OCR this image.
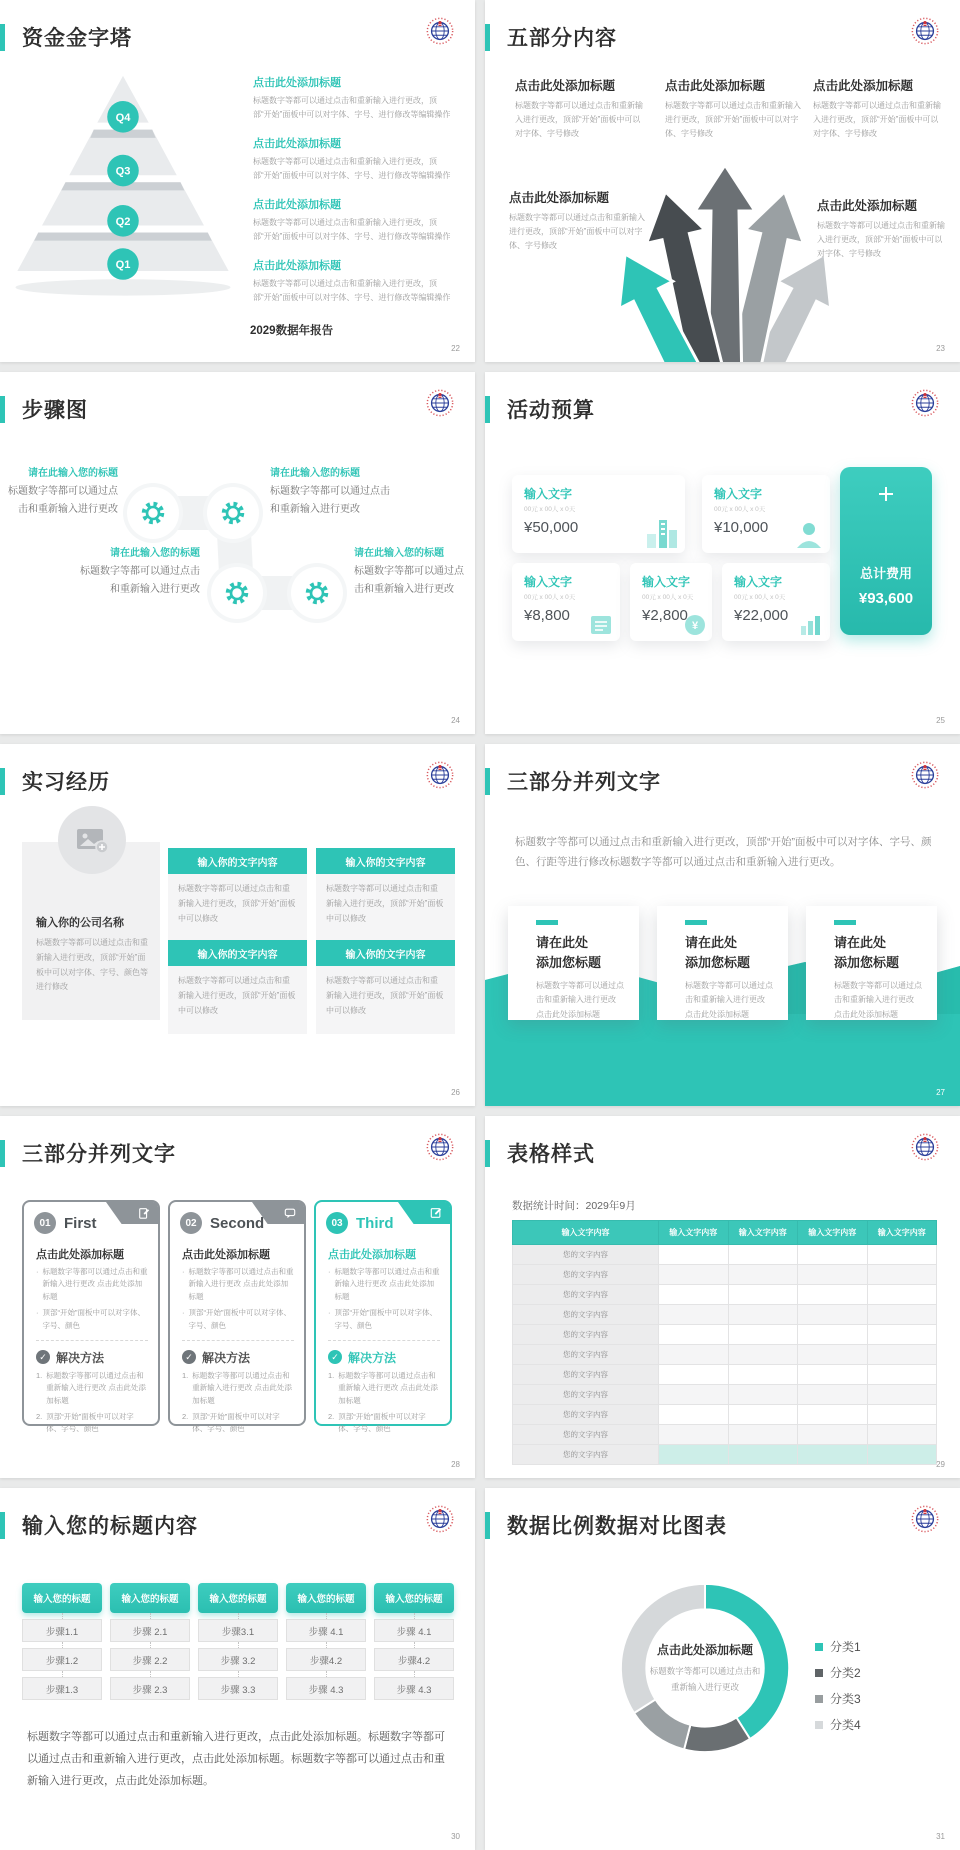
资金金字塔
Q4
Q3
Q2
Q1
点击此处添加标题
标题数字等都可以通过点击和重新输入进行更改，顶部“开始”面板中可以对字体、字号、进行修改等编辑操作
点击此处添加标题
标题数字等都可以通过点击和重新输入进行更改，顶部“开始”面板中可以对字体、字号、进行修改等编辑操作
点击此处添加标题
标题数字等都可以通过点击和重新输入进行更改，顶部“开始”面板中可以对字体、字号、进行修改等编辑操作
点击此处添加标题
标题数字等都可以通过点击和重新输入进行更改，顶部“开始”面板中可以对字体、字号、进行修改等编辑操作
2029数据年报告
22
五部分内容
点击此处添加标题
标题数字等都可以通过点击和重新输入进行更改，顶部“开始”面板中可以对字体、字号修改
点击此处添加标题
标题数字等都可以通过点击和重新输入进行更改，顶部“开始”面板中可以对字体、字号修改
点击此处添加标题
标题数字等都可以通过点击和重新输入进行更改，顶部“开始”面板中可以对字体、字号修改
点击此处添加标题
标题数字等都可以通过点击和重新输入进行更改，顶部“开始”面板中可以对字体、字号修改
点击此处添加标题
标题数字等都可以通过点击和重新输入进行更改，顶部“开始”面板中可以对字体、字号修改
23
步骤图
请在此输入您的标题
标题数字等都可以通过点击和重新输入进行更改
请在此输入您的标题
标题数字等都可以通过点击和重新输入进行更改
请在此输入您的标题
标题数字等都可以通过点击和重新输入进行更改
请在此输入您的标题
标题数字等都可以通过点击和重新输入进行更改
24
活动预算
输入文字
00元 x 00人 x 0天
¥50,000
输入文字
00元 x 00人 x 0天
¥10,000
输入文字
00元 x 00人 x 0天
¥8,800
输入文字
00元 x 00人 x 0天
¥2,800
¥
输入文字
00元 x 00人 x 0天
¥22,000
总计费用
¥93,600
25
实习经历
输入你的公司名称
标题数字等都可以通过点击和重新输入进行更改，顶部“开始”面板中可以对字体、字号、颜色等进行修改
输入你的文字内容
标题数字等都可以通过点击和重新输入进行更改，顶部“开始”面板中可以修改
输入你的文字内容
标题数字等都可以通过点击和重新输入进行更改，顶部“开始”面板中可以修改
输入你的文字内容
标题数字等都可以通过点击和重新输入进行更改，顶部“开始”面板中可以修改
输入你的文字内容
标题数字等都可以通过点击和重新输入进行更改，顶部“开始”面板中可以修改
26
三部分并列文字
标题数字等都可以通过点击和重新输入进行更改，顶部“开始”面板中可以对字体、字号、颜色、行距等进行修改标题数字等都可以通过点击和重新输入进行更改。
请在此处
添加您标题
标题数字等都可以通过点击和重新输入进行更改 点击此处添加标题
请在此处
添加您标题
标题数字等都可以通过点击和重新输入进行更改 点击此处添加标题
请在此处
添加您标题
标题数字等都可以通过点击和重新输入进行更改 点击此处添加标题
27
三部分并列文字
01 First
点击此处添加标题
· 标题数字等都可以通过点击和重新输入进行更改 点击此处添加标题
· 顶部“开始”面板中可以对字体、字号、颜色
✓ 解决方法
1. 标题数字等都可以通过点击和重新输入进行更改 点击此处添加标题
2. 顶部“开始”面板中可以对字体、字号、颜色
02 Second
点击此处添加标题
· 标题数字等都可以通过点击和重新输入进行更改 点击此处添加标题
· 顶部“开始”面板中可以对字体、字号、颜色
✓ 解决方法
1. 标题数字等都可以通过点击和重新输入进行更改 点击此处添加标题
2. 顶部“开始”面板中可以对字体、字号、颜色
03 Third
点击此处添加标题
· 标题数字等都可以通过点击和重新输入进行更改 点击此处添加标题
· 顶部“开始”面板中可以对字体、字号、颜色
✓ 解决方法
1. 标题数字等都可以通过点击和重新输入进行更改 点击此处添加标题
2. 顶部“开始”面板中可以对字体、字号、颜色
28
表格样式
数据统计时间：2029年9月
输入文字内容	输入文字内容	输入文字内容	输入文字内容	输入文字内容
您的文字内容				
您的文字内容				
您的文字内容				
您的文字内容				
您的文字内容				
您的文字内容				
您的文字内容				
您的文字内容				
您的文字内容				
您的文字内容				
您的文字内容				
29
输入您的标题内容
输入您的标题
步骤1.1
步骤1.2
步骤1.3
输入您的标题
步骤 2.1
步骤 2.2
步骤 2.3
输入您的标题
步骤3.1
步骤 3.2
步骤 3.3
输入您的标题
步骤 4.1
步骤4.2
步骤 4.3
输入您的标题
步骤 4.1
步骤4.2
步骤 4.3
标题数字等都可以通过点击和重新输入进行更改，点击此处添加标题。标题数字等都可以通过点击和重新输入进行更改，点击此处添加标题。标题数字等都可以通过点击和重新输入进行更改，点击此处添加标题。
30
数据比例数据对比图表
点击此处添加标题
标题数字等都可以通过点击和重新输入进行更改
分类1
分类2
分类3
分类4
31
